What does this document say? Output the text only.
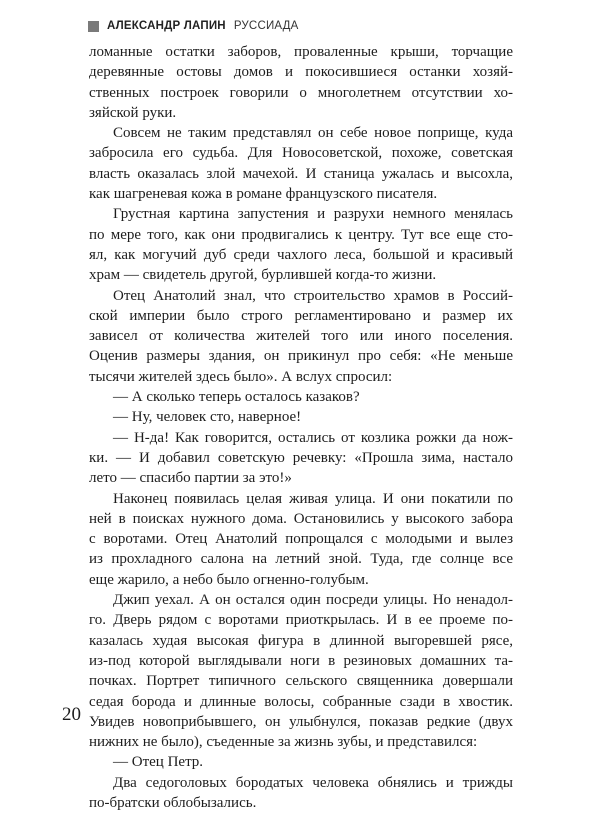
АЛЕКСАНДР ЛАПИН РУССИАДА

ломанные остатки заборов, проваленные крыши, торчащие
деревянные остовы домов и покосившиеся останки хозяй-
ственных построек говорили о многолетнем отсутствии хо-
зяйской руки.

Совсем не таким представлял он себе новое поприще, куда
забросила его судьба. Для Новосоветской, похоже, советская
власть оказалась злой мачехой. И станица ужалась и высохла,
как шагреневая кожа в романе французского писателя.

Грустная картина запустения и разрухи немного менялась
по мере того, как они продвигались к центру. Тут все еще сто-
ял, как могучий дуб среди чахлого леса, большой и красивый
храм — свидетель другой, бурлившей когда-то жизни.

Отец Анатолий знал, что строительство храмов в Россий-
ской империи было строго регламентировано и размер их
зависел от количества жителей того или иного поселения.
Оценив размеры здания, он прикинул про себя: «Не меньше
тысячи жителей здесь было». А вслух спросил:

— А сколько теперь осталось казаков?

— Ну, человек сто, наверное!

— Н-да! Как говорится, остались от козлика рожки да нож-
ки. — И добавил советскую речевку: «Прошла зима, настало
лето — спасибо партии за это!»

Наконец появилась целая живая улица. И они покатили по
ней в поисках нужного дома. Остановились у высокого забора
с воротами. Отец Анатолий попрощался с молодыми и вылез
из прохладного салона на летний зной. Туда, где солнце все
еще жарило, а небо было огненно-голубым.

Джип уехал. А он остался один посреди улицы. Но ненадол-
го. Дверь рядом с воротами приоткрылась. И в ее проеме по-
казалась худая высокая фигура в длинной выгоревшей рясе,
из-под которой выглядывали ноги в резиновых домашних та-
почках. Портрет типичного сельского священника довершали
седая борода и длинные волосы, собранные сзади в хвостик.
Увидев новоприбывшего, он улыбнулся, показав редкие (двух
нижних не было), съеденные за жизнь зубы, и представился:

— Отец Петр.

Два седоголовых бородатых человека обнялись и трижды
по-братски облобызались.

20
